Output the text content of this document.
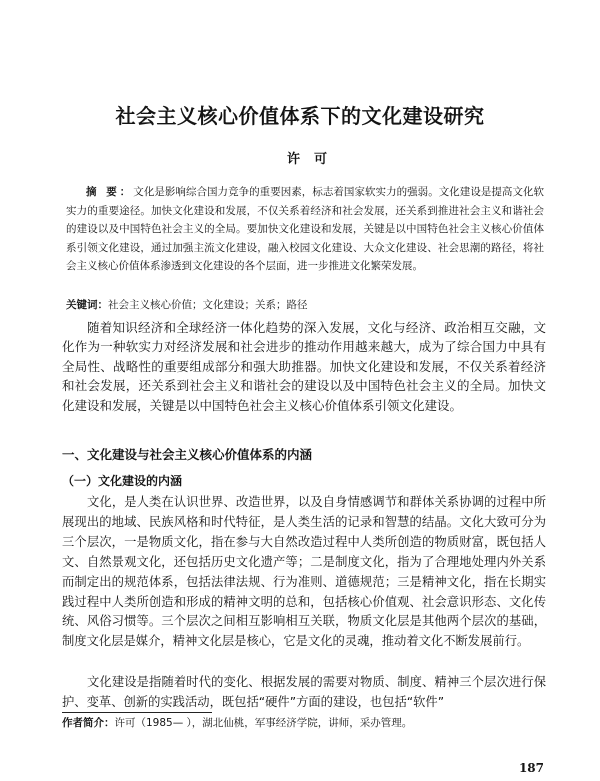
社会主义核心价值体系下的文化建设研究
许可

摘 要：文化是影响综合国力竞争的重要因素，标志着国家软实力的强弱。文化建设是提高文化软实力的重要途径。加快文化建设和发展，不仅关系着经济和社会发展，还关系到推进社会主义和谐社会的建设以及中国特色社会主义的全局。要加快文化建设和发展，关键是以中国特色社会主义核心价值体系引领文化建设，通过加强主流文化建设，融入校园文化建设、大众文化建设、社会思潮的路径，将社会主义核心价值体系渗透到文化建设的各个层面，进一步推进文化繁荣发展。

关键词：社会主义核心价值；文化建设；关系；路径

随着知识经济和全球经济一体化趋势的深入发展，文化与经济、政治相互交融，文化作为一种软实力对经济发展和社会进步的推动作用越来越大，成为了综合国力中具有全局性、战略性的重要组成部分和强大助推器。加快文化建设和发展，不仅关系着经济和社会发展，还关系到社会主义和谐社会的建设以及中国特色社会主义的全局。加快文化建设和发展，关键是以中国特色社会主义核心价值体系引领文化建设。

一、文化建设与社会主义核心价值体系的内涵
（一）文化建设的内涵

文化，是人类在认识世界、改造世界，以及自身情感调节和群体关系协调的过程中所展现出的地域、民族风格和时代特征，是人类生活的记录和智慧的结晶。文化大致可分为三个层次，一是物质文化，指在参与大自然改造过程中人类所创造的物质财富，既包括人文、自然景观文化，还包括历史文化遗产等；二是制度文化，指为了合理地处理内外关系而制定出的规范体系，包括法律法规、行为准则、道德规范；三是精神文化，指在长期实践过程中人类所创造和形成的精神文明的总和，包括核心价值观、社会意识形态、文化传统、风俗习惯等。三个层次之间相互影响相互关联，物质文化层是其他两个层次的基础，制度文化层是媒介，精神文化层是核心，它是文化的灵魂，推动着文化不断发展前行。

文化建设是指随着时代的变化、根据发展的需要对物质、制度、精神三个层次进行保护、变革、创新的实践活动，既包括“硬件”方面的建设，也包括“软件”

作者简介：许可（1985— ），湖北仙桃，军事经济学院，讲师，采办管理。

187
